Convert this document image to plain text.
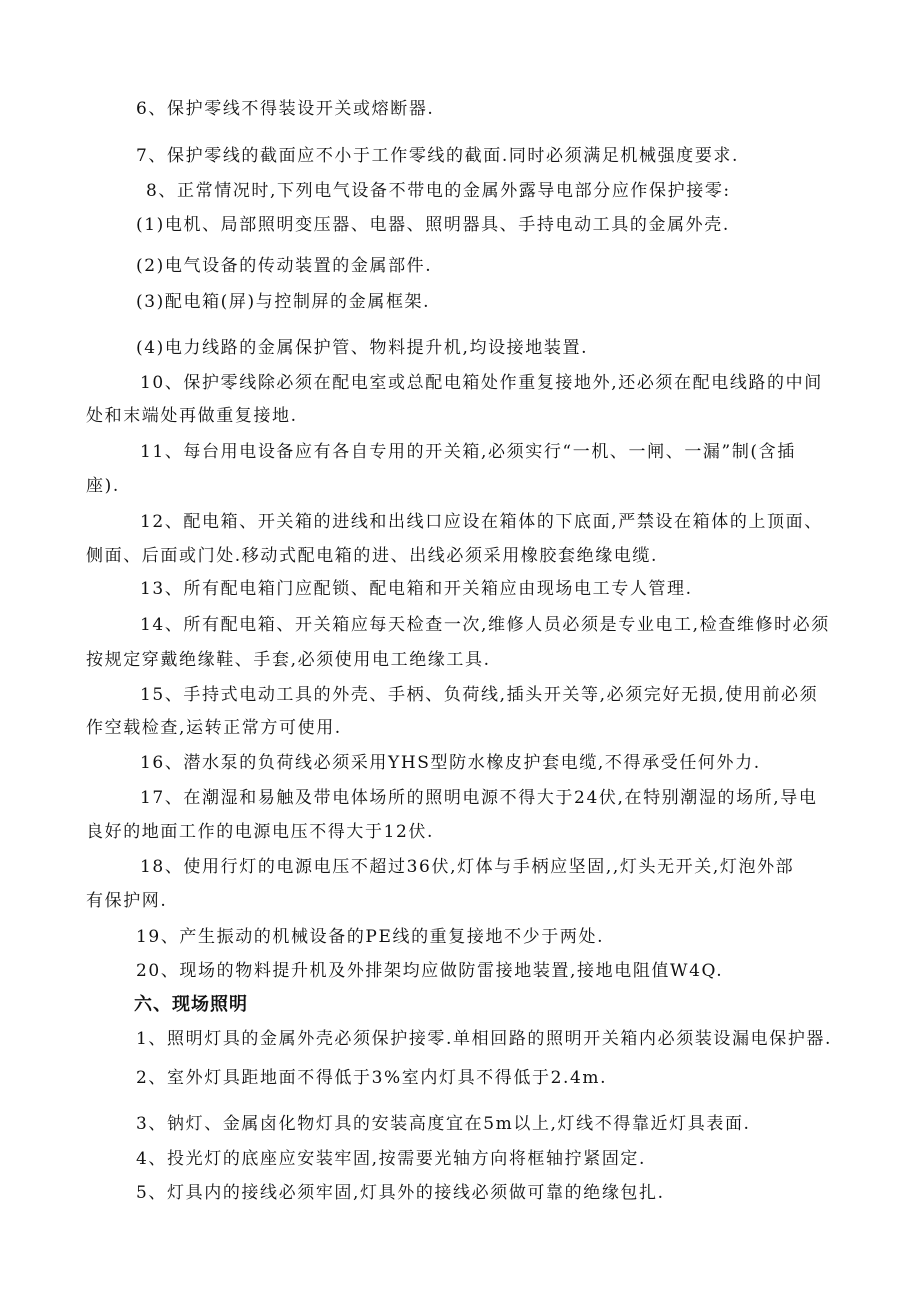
6、保护零线不得装设开关或熔断器.
7、保护零线的截面应不小于工作零线的截面.同时必须满足机械强度要求.
8、正常情况时,下列电气设备不带电的金属外露导电部分应作保护接零:
(1)电机、局部照明变压器、电器、照明器具、手持电动工具的金属外壳.
(2)电气设备的传动装置的金属部件.
(3)配电箱(屏)与控制屏的金属框架.
(4)电力线路的金属保护管、物料提升机,均设接地装置.
10、保护零线除必须在配电室或总配电箱处作重复接地外,还必须在配电线路的中间
处和末端处再做重复接地.
11、每台用电设备应有各自专用的开关箱,必须实行“一机、一闸、一漏”制(含插
座).
12、配电箱、开关箱的进线和出线口应设在箱体的下底面,严禁设在箱体的上顶面、
侧面、后面或门处.移动式配电箱的进、出线必须采用橡胶套绝缘电缆.
13、所有配电箱门应配锁、配电箱和开关箱应由现场电工专人管理.
14、所有配电箱、开关箱应每天检查一次,维修人员必须是专业电工,检查维修时必须
按规定穿戴绝缘鞋、手套,必须使用电工绝缘工具.
15、手持式电动工具的外壳、手柄、负荷线,插头开关等,必须完好无损,使用前必须
作空载检查,运转正常方可使用.
16、潜水泵的负荷线必须采用YHS型防水橡皮护套电缆,不得承受任何外力.
17、在潮湿和易触及带电体场所的照明电源不得大于24伏,在特别潮湿的场所,导电
良好的地面工作的电源电压不得大于12伏.
18、使用行灯的电源电压不超过36伏,灯体与手柄应坚固,,灯头无开关,灯泡外部
有保护网.
19、产生振动的机械设备的PE线的重复接地不少于两处.
20、现场的物料提升机及外排架均应做防雷接地装置,接地电阻值W4Q.
六、现场照明
1、照明灯具的金属外壳必须保护接零.单相回路的照明开关箱内必须装设漏电保护器.
2、室外灯具距地面不得低于3%室内灯具不得低于2.4m.
3、钠灯、金属卤化物灯具的安装高度宜在5m以上,灯线不得靠近灯具表面.
4、投光灯的底座应安装牢固,按需要光轴方向将框轴拧紧固定.
5、灯具内的接线必须牢固,灯具外的接线必须做可靠的绝缘包扎.
